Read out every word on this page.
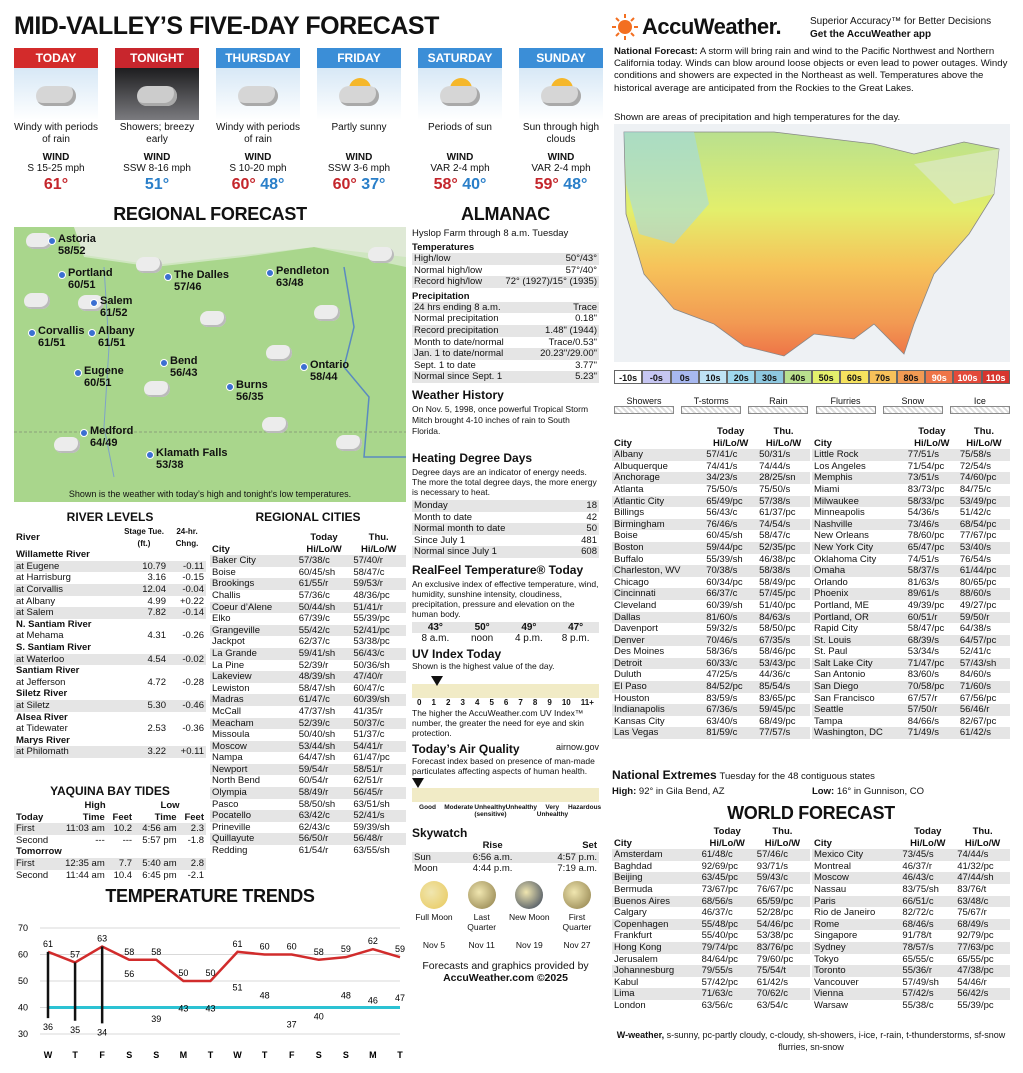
MID-VALLEY’S FIVE-DAY FORECAST
TODAY
Windy with periods of rain
WIND
S 15-25 mph
61°
TONIGHT
Showers; breezy early
WIND
SSW 8-16 mph
51°
THURSDAY
Windy with periods of rain
WIND
S 10-20 mph
60° 48°
FRIDAY
Partly sunny
WIND
SSW 3-6 mph
60° 37°
SATURDAY
Periods of sun
WIND
VAR 2-4 mph
58° 40°
SUNDAY
Sun through high clouds
WIND
VAR 2-4 mph
59° 48°
REGIONAL FORECAST
Astoria
58/52
Portland
60/51
The Dalles
57/46
Pendleton
63/48
Salem
61/52
Corvallis
61/51
Albany
61/51
Bend
56/43
Ontario
58/44
Eugene
60/51	Burns
56/35
Medford
64/49
Klamath Falls
53/38
Shown is the weather with today’s high and tonight’s low temperatures.
RIVER LEVELS
River	Stage Tue. (ft.)	24-hr. Chng.
Willamette River		
at Eugene	10.79	-0.11
at Harrisburg	3.16	-0.15
at Corvallis	12.04	-0.04
at Albany	4.99	+0.22
at Salem	7.82	-0.14
N. Santiam River		
at Mehama	4.31	-0.26
S. Santiam River		
at Waterloo	4.54	-0.02
Santiam River		
at Jefferson	4.72	-0.28
Siletz River		
at Siletz	5.30	-0.46
Alsea River		
at Tidewater	2.53	-0.36
Marys River		
at Philomath	3.22	+0.11
YAQUINA BAY TIDES
	High		Low	
Today	Time	Feet	Time	Feet
First	11:03 am	10.2	4:56 am	2.3
Second	---	---	5:57 pm	-1.8
Tomorrow				
First	12:35 am	7.7	5:40 am	2.8
Second	11:44 am	10.4	6:45 pm	-2.1
REGIONAL CITIES
	Today	Thu.
City	Hi/Lo/W	Hi/Lo/W
Baker City	57/38/c	57/40/r
Boise	60/45/sh	58/47/c
Brookings	61/55/r	59/53/r
Challis	57/36/c	48/36/pc
Coeur d’Alene	50/44/sh	51/41/r
Elko	67/39/c	55/39/pc
Grangeville	55/42/c	52/41/pc
Jackpot	62/37/c	53/38/pc
La Grande	59/41/sh	56/43/c
La Pine	52/39/r	50/36/sh
Lakeview	48/39/sh	47/40/r
Lewiston	58/47/sh	60/47/c
Madras	61/47/c	60/39/sh
McCall	47/37/sh	41/35/r
Meacham	52/39/c	50/37/c
Missoula	50/40/sh	51/37/c
Moscow	53/44/sh	54/41/r
Nampa	64/47/sh	61/47/pc
Newport	59/54/r	58/51/r
North Bend	60/54/r	62/51/r
Olympia	58/49/r	56/45/r
Pasco	58/50/sh	63/51/sh
Pocatello	63/42/c	52/41/s
Prineville	62/43/c	59/39/sh
Quillayute	56/50/r	56/48/r
Redding	61/54/r	63/55/sh
TEMPERATURE TRENDS
70
60
50
40
30
61
36
W
57
35
T
63
34
F
58
56
S
58
39
S
50
43
M
50
43
T
61
51
W
60
48
T
60
37
F
58
40
S
59
48
S
62
46
M
59
47
T
ALMANAC
Hyslop Farm through 8 a.m. Tuesday
Temperatures
High/low	50°/43°
Normal high/low	57°/40°
Record high/low	72° (1927)/15° (1935)
Precipitation
24 hrs ending 8 a.m.	Trace
Normal precipitation	0.18"
Record precipitation	1.48" (1944)
Month to date/normal	Trace/0.53"
Jan. 1 to date/normal	20.23"/29.00"
Sept. 1 to date	3.77"
Normal since Sept. 1	5.23"
Weather History
On Nov. 5, 1998, once powerful Tropical Storm Mitch brought 4-10 inches of rain to South Florida.
Heating Degree Days
Degree days are an indicator of energy needs. The more the total degree days, the more energy is necessary to heat.
Monday	18
Month to date	42
Normal month to date	50
Since July 1	481
Normal since July 1	608
RealFeel Temperature® Today
An exclusive index of effective temperature, wind, humidity, sunshine intensity, cloudiness, precipitation, pressure and elevation on the human body.
43°
8 a.m.
50°
noon
49°
4 p.m.
47°
8 p.m.
UV Index Today
Shown is the highest value of the day.
0 1 2 3 4 5 6 7 8 9 10 11+
The higher the AccuWeather.com UV Index™ number, the greater the need for eye and skin protection.
Today’s Air Quality	airnow.gov
Forecast index based on presence of man-made particulates affecting aspects of human health.
Good	Moderate Unhealthy (sensitive)
Unhealthy	Very Unhealthy
Hazardous
Skywatch
	Rise	Set
Sun	6:56 a.m.	4:57 p.m.
Moon	4:44 p.m.	7:19 a.m.
Full Moon
Nov 5
Last Quarter
Nov 11
New Moon
Nov 19
First Quarter
Nov 27
Forecasts and graphics provided by
AccuWeather.com ©2025
AccuWeather.	Superior Accuracy™ for Better Decisions
Get the AccuWeather app
National Forecast: A storm will bring rain and wind to the Pacific Northwest and Northern California today. Winds can blow around loose objects or even lead to power outages. Windy conditions and showers are expected in the Northeast as well. Temperatures above the historical average are anticipated from the Rockies to the Great Lakes.
Shown are areas of precipitation and high temperatures for the day.
-10s	-0s	0s	10s	20s	30s	40s	50s	60s	70s	80s	90s	100s 110s
Showers	T-storms	Rain	Flurries	Snow	Ice
	Today	Thu.
City	Hi/Lo/W	Hi/Lo/W
Albany	57/41/c	50/31/s
Albuquerque	74/41/s	74/44/s
Anchorage	34/23/s	28/25/sn
Atlanta	75/50/s	75/50/s
Atlantic City	65/49/pc	57/38/s
Billings	56/43/c	61/37/pc
Birmingham	76/46/s	74/54/s
Boise	60/45/sh	58/47/c
Boston	59/44/pc	52/35/pc
Buffalo	55/39/sh	46/38/pc
Charleston, WV	70/38/s	58/38/s
Chicago	60/34/pc	58/49/pc
Cincinnati	66/37/c	57/45/pc
Cleveland	60/39/sh	51/40/pc
Dallas	81/60/s	84/63/s
Davenport	59/32/s	58/50/pc
Denver	70/46/s	67/35/s
Des Moines	58/36/s	58/46/pc
Detroit	60/33/c	53/43/pc
Duluth	47/25/s	44/36/c
El Paso	84/52/pc	85/54/s
Houston	83/59/s	83/65/pc
Indianapolis	67/36/s	59/45/pc
Kansas City	63/40/s	68/49/pc
Las Vegas	81/59/c	77/57/s
	Today	Thu.
City	Hi/Lo/W	Hi/Lo/W
Little Rock	77/51/s	75/58/s
Los Angeles	71/54/pc	72/54/s
Memphis	73/51/s	74/60/pc
Miami	83/73/pc	84/75/c
Milwaukee	58/33/pc	53/49/pc
Minneapolis	54/36/s	51/42/c
Nashville	73/46/s	68/54/pc
New Orleans	78/60/pc	77/67/pc
New York City	65/47/pc	53/40/s
Oklahoma City	74/51/s	76/54/s
Omaha	58/37/s	61/44/pc
Orlando	81/63/s	80/65/pc
Phoenix	89/61/s	88/60/s
Portland, ME	49/39/pc	49/27/pc
Portland, OR	60/51/r	59/50/r
Rapid City	58/47/pc	64/38/s
St. Louis	68/39/s	64/57/pc
St. Paul	53/34/s	52/41/c
Salt Lake City	71/47/pc	57/43/sh
San Antonio	83/60/s	84/60/s
San Diego	70/58/pc	71/60/s
San Francisco	67/57/r	67/56/pc
Seattle	57/50/r	56/46/r
Tampa	84/66/s	82/67/pc
Washington, DC	71/49/s	61/42/s
National Extremes Tuesday for the 48 contiguous states
High: 92° in Gila Bend, AZ	Low: 16° in Gunnison, CO
WORLD FORECAST
	Today	Thu.
City	Hi/Lo/W	Hi/Lo/W
Amsterdam	61/48/c	57/46/c
Baghdad	92/69/pc	93/71/s
Beijing	63/45/pc	59/43/c
Bermuda	73/67/pc	76/67/pc
Buenos Aires	68/56/s	65/59/pc
Calgary	46/37/c	52/28/pc
Copenhagen	55/48/pc	54/46/pc
Frankfurt	55/40/pc	53/38/pc
Hong Kong	79/74/pc	83/76/pc
Jerusalem	84/64/pc	79/60/pc
Johannesburg	79/55/s	75/54/t
Kabul	57/42/pc	61/42/s
Lima	71/63/c	70/62/c
London	63/56/c	63/54/c
	Today	Thu.
City	Hi/Lo/W	Hi/Lo/W
Mexico City	73/45/s	74/44/s
Montreal	46/37/r	41/32/pc
Moscow	46/43/c	47/44/sh
Nassau	83/75/sh	83/76/t
Paris	66/51/c	63/48/c
Rio de Janeiro	82/72/c	75/67/r
Rome	68/46/s	68/49/s
Singapore	91/78/t	92/79/pc
Sydney	78/57/s	77/63/pc
Tokyo	65/55/c	65/55/pc
Toronto	55/36/r	47/38/pc
Vancouver	57/49/sh	54/46/r
Vienna	57/42/s	56/42/s
Warsaw	55/38/c	55/39/pc
W-weather, s-sunny, pc-partly cloudy, c-cloudy, sh-showers, i-ice, r-rain, t-thunderstorms, sf-snow flurries, sn-snow
